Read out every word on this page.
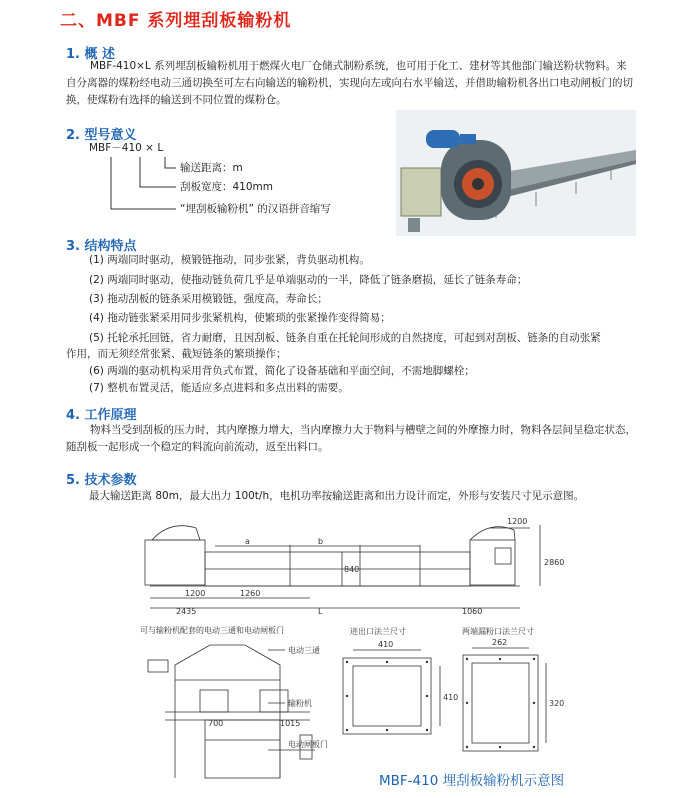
二、MBF 系列埋刮板输粉机
1. 概 述
MBF-410×L 系列埋刮板输粉机用于燃煤火电厂仓储式制粉系统，也可用于化工、建材等其他部门输送粉状物料。来自分离器的煤粉经电动三通切换至可左右向输送的输粉机，实现向左或向右水平输送，并借助输粉机各出口电动闸板门的切换，使煤粉有选择的输送到不同位置的煤粉仓。
2. 型号意义
MBF－410 × L
输送距离：m
刮板宽度：410mm
“埋刮板输粉机” 的汉语拼音缩写
3. 结构特点
(1) 两端同时驱动，模锻链拖动，同步张紧，背负驱动机构。
(2) 两端同时驱动，使拖动链负荷几乎是单端驱动的一半，降低了链条磨损，延长了链条寿命；
(3) 拖动刮板的链条采用模锻链，强度高，寿命长；
(4) 拖动链张紧采用同步张紧机构，使繁琐的张紧操作变得简易；
(5) 托轮承托回链，省力耐磨，且因刮板、链条自重在托轮间形成的自然挠度，可起到对刮板、链条的自动张紧
作用，而无须经常张紧、截短链条的繁琐操作；
(6) 两端的驱动机构采用背负式布置，简化了设备基础和平面空间，不需地脚螺栓；
(7) 整机布置灵活，能适应多点进料和多点出料的需要。
4. 工作原理
物料当受到刮板的压力时，其内摩擦力增大，当内摩擦力大于物料与槽壁之间的外摩擦力时，物料各层间呈稳定状态，随刮板一起形成一个稳定的料流向前流动，返至出料口。
5. 技术参数
最大输送距离 80m，最大出力 100t/h，电机功率按输送距离和出力设计而定，外形与安装尺寸见示意图。
1200	1260
2435	L	1060
1200
2860
840
a	b
可与输粉机配套的电动三通和电动闸板门
电动三通
输粉机
电动闸板门
700	1015
进出口法兰尺寸
410
410
两端漏粉口法兰尺寸
262
320
MBF-410 埋刮板输粉机示意图
